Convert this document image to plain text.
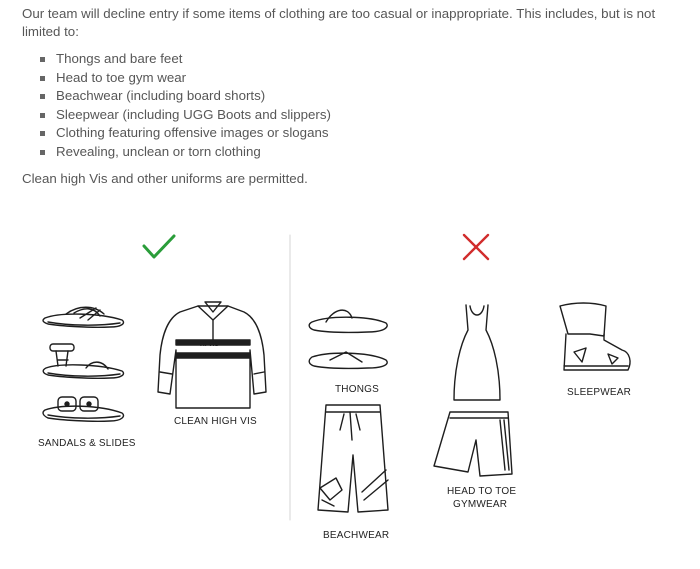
Our team will decline entry if some items of clothing are too casual or inappropriate. This includes, but is not limited to:

Thongs and bare feet
Head to toe gym wear
Beachwear (including board shorts)
Sleepwear (including UGG Boots and slippers)
Clothing featuring offensive images or slogans
Revealing, unclean or torn clothing

Clean high Vis and other uniforms are permitted.

HI VIS
SANDALS & SLIDES
CLEAN HIGH VIS
THONGS	SLEEPWEAR
HEAD TO TOE
GYMWEAR
BEACHWEAR
